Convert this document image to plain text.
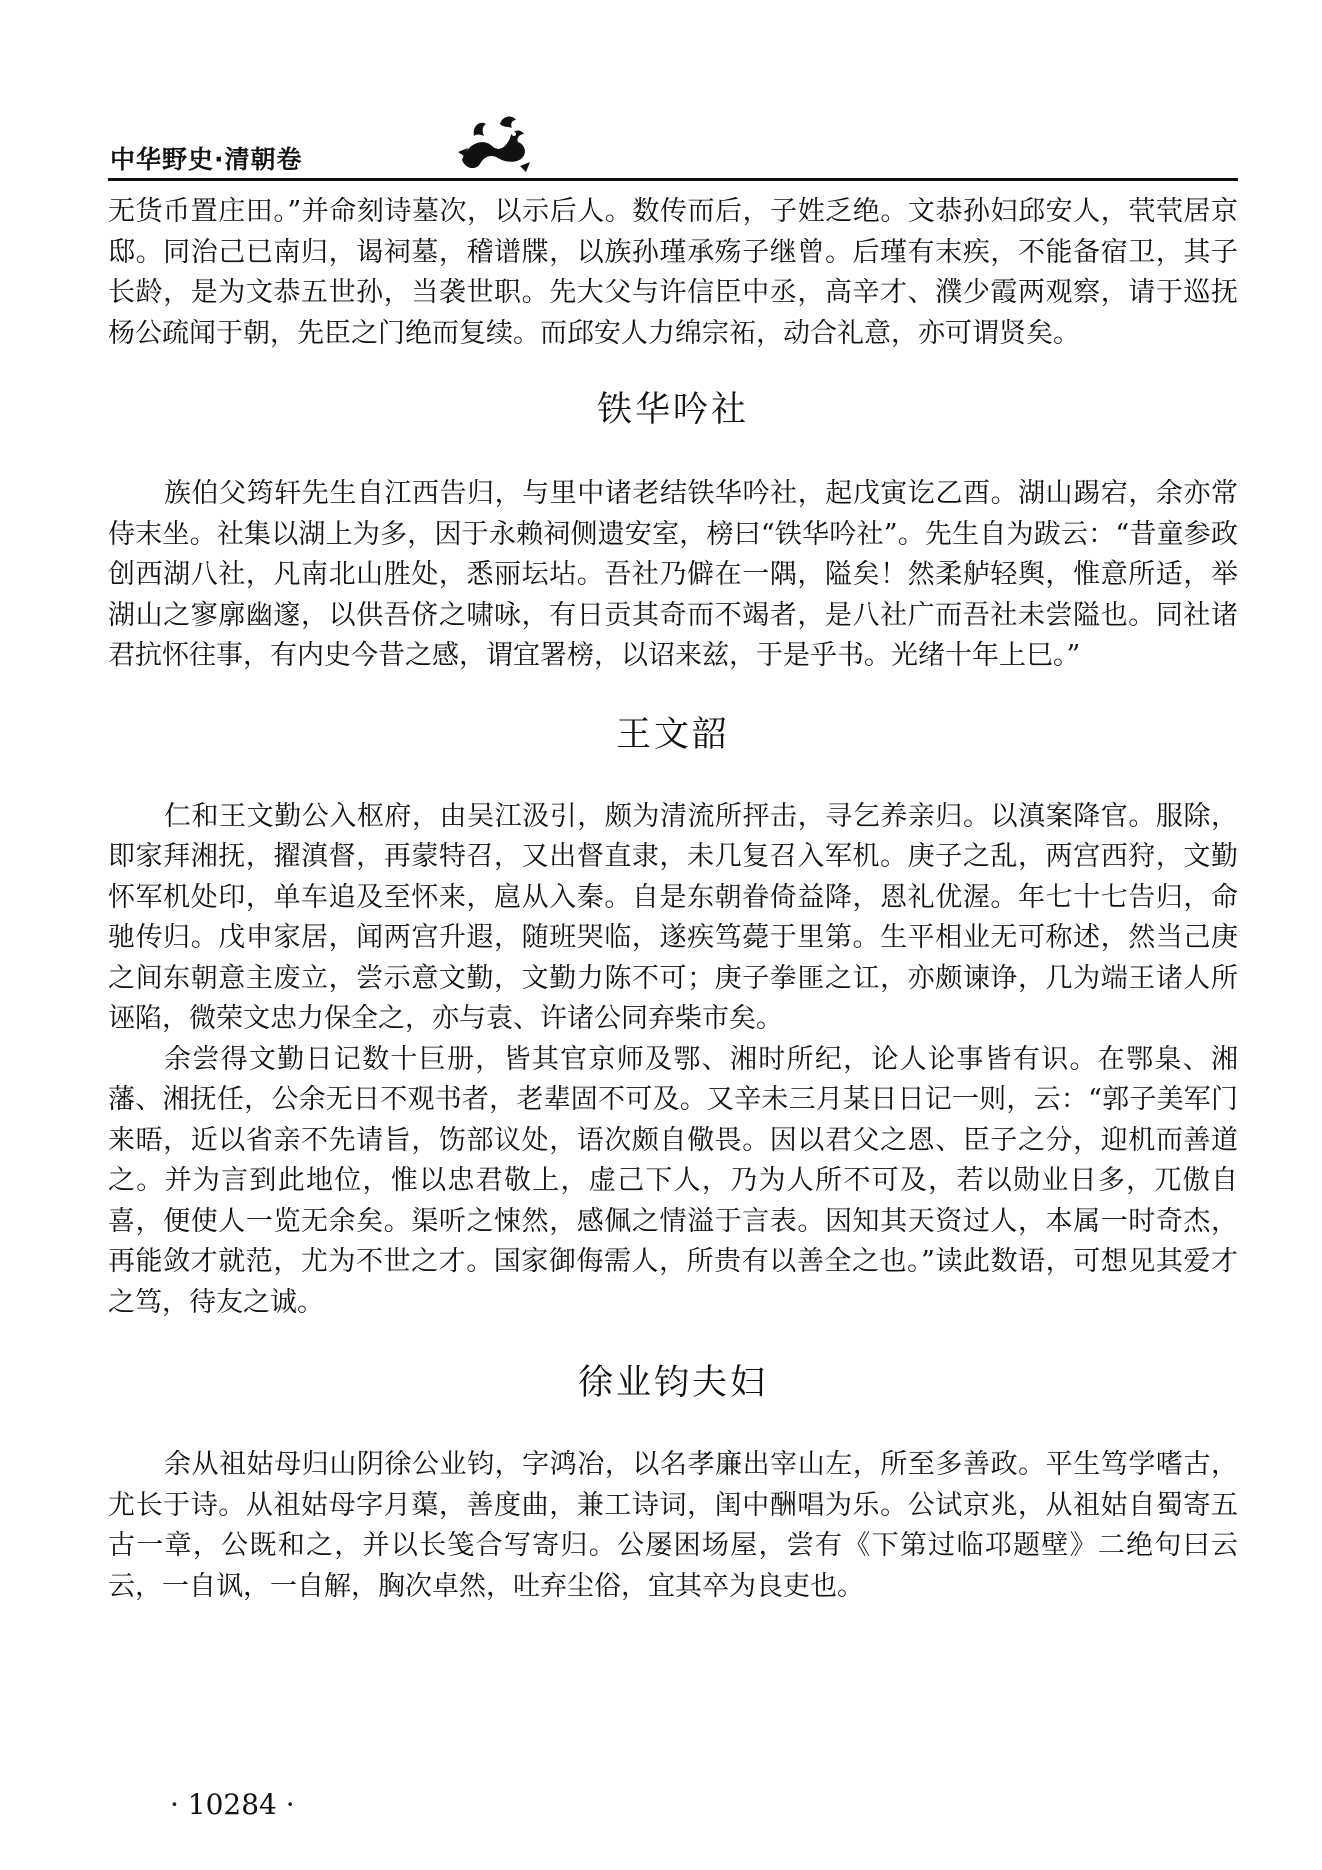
中华野史·清朝卷

无货币置庄田。”并命刻诗墓次，以示后人。数传而后，子姓乏绝。文恭孙妇邱安人，茕茕居京邸。同治己已南归，谒祠墓，稽谱牒，以族孙瑾承殇子继曾。后瑾有末疾，不能备宿卫，其子长龄，是为文恭五世孙，当袭世职。先大父与许信臣中丞，高辛才、濮少霞两观察，请于巡抚杨公疏闻于朝，先臣之门绝而复续。而邱安人力绵宗祏，动合礼意，亦可谓贤矣。

铁华吟社

族伯父筠轩先生自江西告归，与里中诸老结铁华吟社，起戊寅讫乙酉。湖山踢宕，余亦常侍末坐。社集以湖上为多，因于永赖祠侧遗安室，榜曰“铁华吟社”。先生自为跋云：“昔童参政创西湖八社，凡南北山胜处，悉丽坛坫。吾社乃僻在一隅，隘矣！然柔舻轻舆，惟意所适，举湖山之寥廓幽邃，以供吾侪之啸咏，有日贡其奇而不竭者，是八社广而吾社未尝隘也。同社诸君抗怀往事，有内史今昔之感，谓宜署榜，以诏来兹，于是乎书。光绪十年上巳。”

王文韶

仁和王文勤公入枢府，由吴江汲引，颇为清流所抨击，寻乞养亲归。以滇案降官。服除，即家拜湘抚，擢滇督，再蒙特召，又出督直隶，未几复召入军机。庚子之乱，两宫西狩，文勤怀军机处印，单车追及至怀来，扈从入秦。自是东朝眷倚益降，恩礼优渥。年七十七告归，命驰传归。戊申家居，闻两宫升遐，随班哭临，遂疾笃薨于里第。生平相业无可称述，然当己庚之间东朝意主废立，尝示意文勤，文勤力陈不可；庚子拳匪之讧，亦颇谏诤，几为端王诸人所诬陷，微荣文忠力保全之，亦与袁、许诸公同弃柴市矣。

余尝得文勤日记数十巨册，皆其官京师及鄂、湘时所纪，论人论事皆有识。在鄂臬、湘藩、湘抚任，公余无日不观书者，老辈固不可及。又辛未三月某日日记一则，云：“郭子美军门来晤，近以省亲不先请旨，饬部议处，语次颇自儆畏。因以君父之恩、臣子之分，迎机而善道之。并为言到此地位，惟以忠君敬上，虚己下人，乃为人所不可及，若以勋业日多，兀傲自喜，便使人一览无余矣。渠听之悚然，感佩之情溢于言表。因知其天资过人，本属一时奇杰，再能敛才就范，尤为不世之才。国家御侮需人，所贵有以善全之也。”读此数语，可想见其爱才之笃，待友之诚。

徐业钧夫妇

余从祖姑母归山阴徐公业钧，字鸿冶，以名孝廉出宰山左，所至多善政。平生笃学嗜古，尤长于诗。从祖姑母字月蕖，善度曲，兼工诗词，闺中酬唱为乐。公试京兆，从祖姑自蜀寄五古一章，公既和之，并以长笺合写寄归。公屡困场屋，尝有《下第过临邛题壁》二绝句曰云云，一自讽，一自解，胸次卓然，吐弃尘俗，宜其卒为良吏也。

· 10284 ·
